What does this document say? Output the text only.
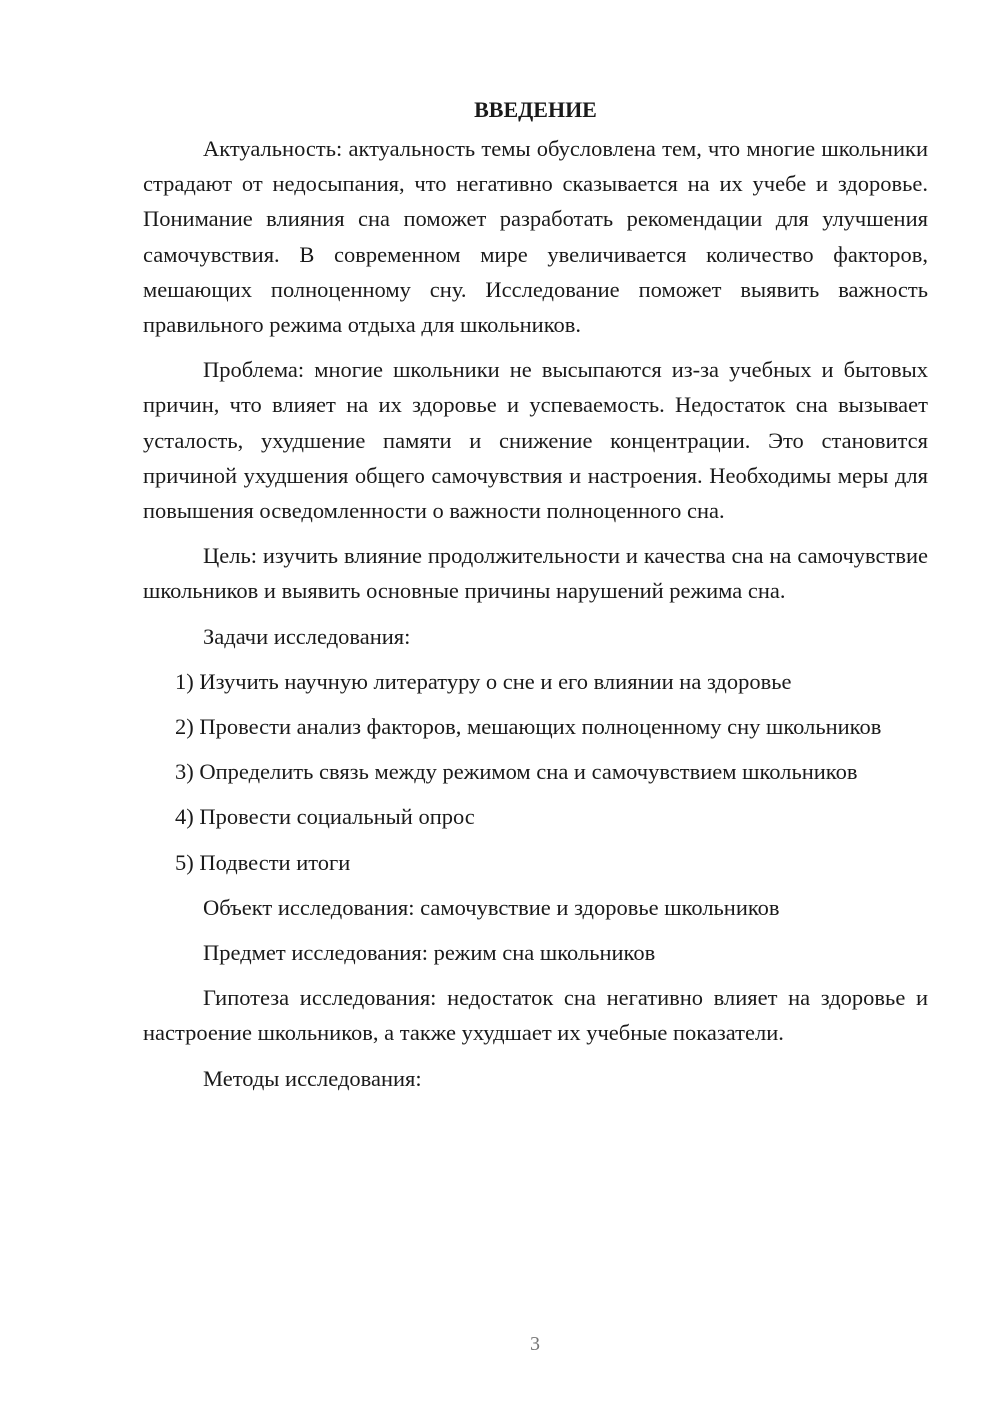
ВВЕДЕНИЕ

Актуальность: актуальность темы обусловлена тем, что многие школьники страдают от недосыпания, что негативно сказывается на их учебе и здоровье. Понимание влияния сна поможет разработать рекомендации для улучшения самочувствия. В современном мире увеличивается количество факторов, мешающих полноценному сну. Исследование поможет выявить важность правильного режима отдыха для школьников.

Проблема: многие школьники не высыпаются из-за учебных и бытовых причин, что влияет на их здоровье и успеваемость. Недостаток сна вызывает усталость, ухудшение памяти и снижение концентрации. Это становится причиной ухудшения общего самочувствия и настроения. Необходимы меры для повышения осведомленности о важности полноценного сна.

Цель: изучить влияние продолжительности и качества сна на самочувствие школьников и выявить основные причины нарушений режима сна.

Задачи исследования:

1) Изучить научную литературу о сне и его влиянии на здоровье

2) Провести анализ факторов, мешающих полноценному сну школьников

3) Определить связь между режимом сна и самочувствием школьников

4) Провести социальный опрос

5) Подвести итоги

Объект исследования: самочувствие и здоровье школьников

Предмет исследования: режим сна школьников

Гипотеза исследования: недостаток сна негативно влияет на здоровье и настроение школьников, а также ухудшает их учебные показатели.

Методы исследования:

3
